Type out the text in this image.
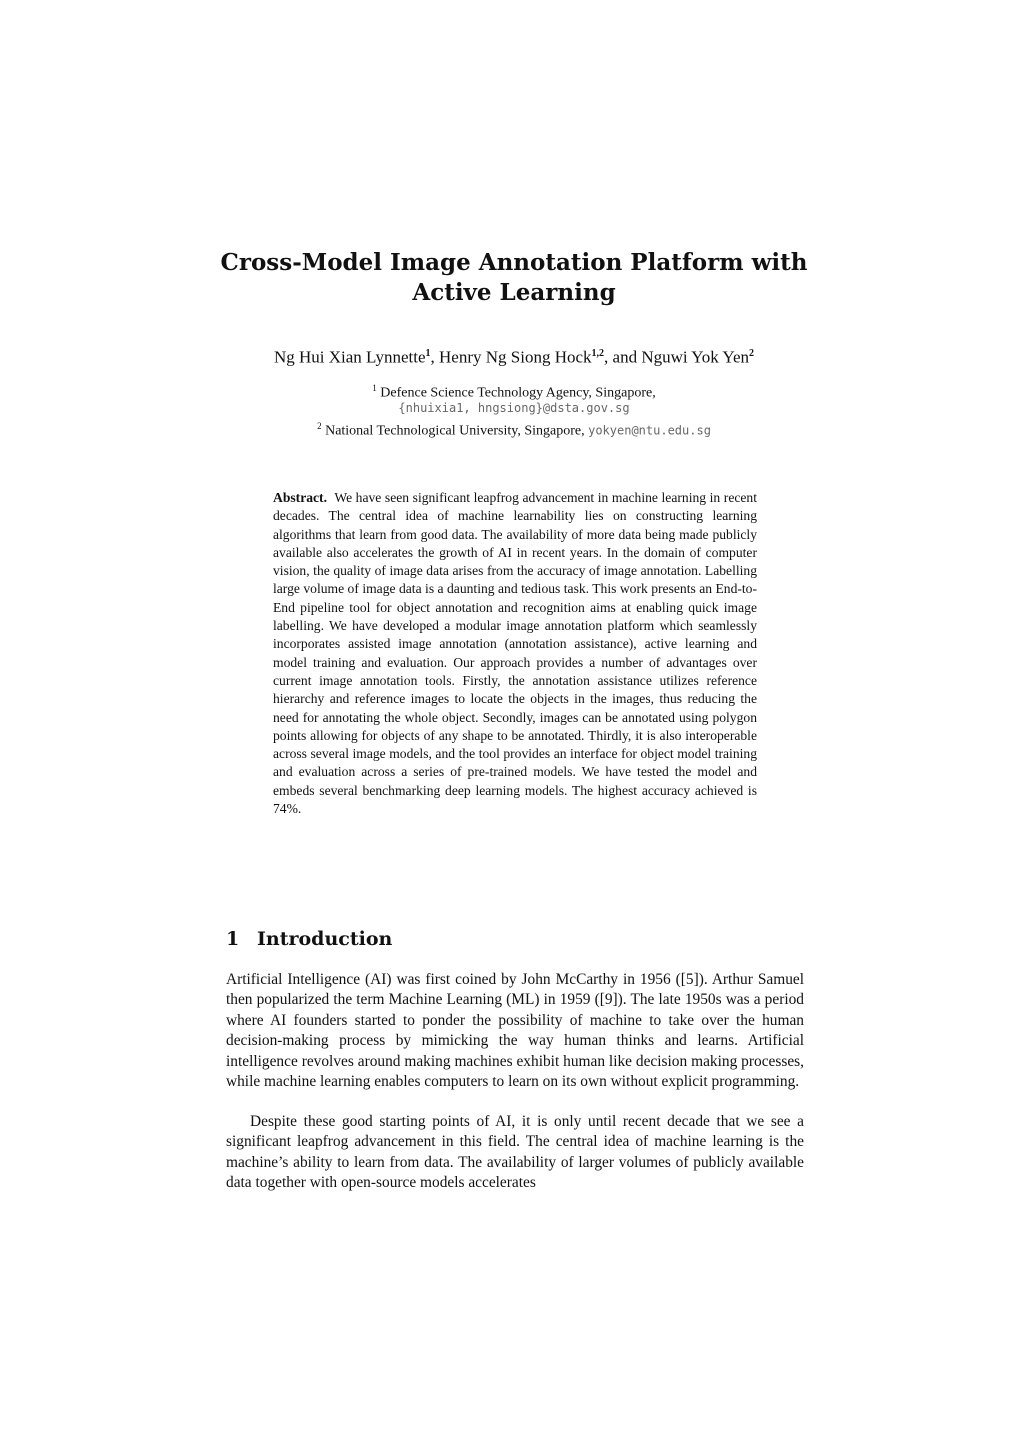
Cross-Model Image Annotation Platform with
Active Learning
Ng Hui Xian Lynnette$^1$, Henry Ng Siong Hock$^{1,2}$, and Nguwi Yok Yen$^2$
$^1$ Defence Science Technology Agency, Singapore,
{nhuixia1, hngsiong}@dsta.gov.sg
$^2$ National Technological University, Singapore, yokyen@ntu.edu.sg

Abstract. We have seen significant leapfrog advancement in machine learning in recent decades. The central idea of machine learnability lies on constructing learning algorithms that learn from good data. The availability of more data being made publicly available also accelerates the growth of AI in recent years. In the domain of computer vision, the quality of image data arises from the accuracy of image annotation. Labelling large volume of image data is a daunting and tedious task. This work presents an End-to-End pipeline tool for object annotation and recognition aims at enabling quick image labelling. We have developed a modular image annotation platform which seamlessly incorporates assisted image annotation (annotation assistance), active learning and model training and evaluation. Our approach provides a number of advantages over current image annotation tools. Firstly, the annotation assistance utilizes reference hierarchy and reference images to locate the objects in the images, thus reducing the need for annotating the whole object. Secondly, images can be annotated using polygon points allowing for objects of any shape to be annotated. Thirdly, it is also interoperable across several image models, and the tool provides an interface for object model training and evaluation across a series of pre-trained models. We have tested the model and embeds several benchmarking deep learning models. The highest accuracy achieved is 74%.

1 Introduction

Artificial Intelligence (AI) was first coined by John McCarthy in 1956 ([5]). Arthur Samuel then popularized the term Machine Learning (ML) in 1959 ([9]). The late 1950s was a period where AI founders started to ponder the possibility of machine to take over the human decision-making process by mimicking the way human thinks and learns. Artificial intelligence revolves around making machines exhibit human like decision making processes, while machine learning enables computers to learn on its own without explicit programming.

Despite these good starting points of AI, it is only until recent decade that we see a significant leapfrog advancement in this field. The central idea of machine learning is the machine’s ability to learn from data. The availability of larger volumes of publicly available data together with open-source models accelerates
